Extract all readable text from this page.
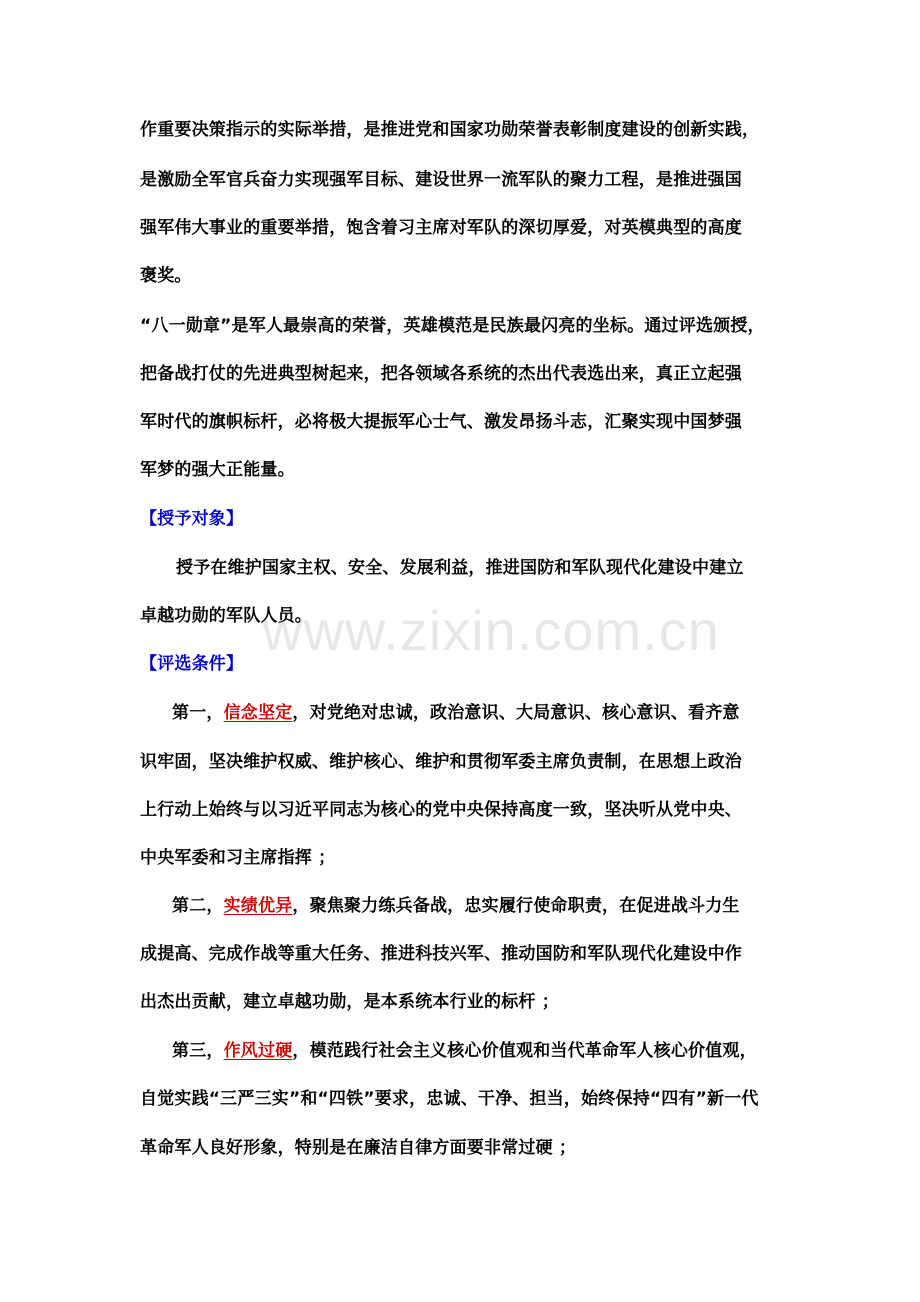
www.zixin.com.cn
作重要决策指示的实际举措，是推进党和国家功勋荣誉表彰制度建设的创新实践，
是激励全军官兵奋力实现强军目标、建设世界一流军队的聚力工程，是推进强国
强军伟大事业的重要举措，饱含着习主席对军队的深切厚爱，对英模典型的高度
褒奖。
“八一勋章”是军人最崇高的荣誉，英雄模范是民族最闪亮的坐标。通过评选颁授，
把备战打仗的先进典型树起来，把各领域各系统的杰出代表选出来，真正立起强
军时代的旗帜标杆，必将极大提振军心士气、激发昂扬斗志，汇聚实现中国梦强
军梦的强大正能量。
【授予对象】
授予在维护国家主权、安全、发展利益，推进国防和军队现代化建设中建立
卓越功勋的军队人员。
【评选条件】
第一，信念坚定，对党绝对忠诚，政治意识、大局意识、核心意识、看齐意
识牢固，坚决维护权威、维护核心、维护和贯彻军委主席负责制，在思想上政治
上行动上始终与以习近平同志为核心的党中央保持高度一致，坚决听从党中央、
中央军委和习主席指挥 ；
第二，实绩优异，聚焦聚力练兵备战，忠实履行使命职责，在促进战斗力生
成提高、完成作战等重大任务、推进科技兴军、推动国防和军队现代化建设中作
出杰出贡献，建立卓越功勋，是本系统本行业的标杆 ；
第三，作风过硬，模范践行社会主义核心价值观和当代革命军人核心价值观，
自觉实践“三严三实”和“四铁”要求，忠诚、干净、担当，始终保持“四有”新一代
革命军人良好形象，特别是在廉洁自律方面要非常过硬 ；
